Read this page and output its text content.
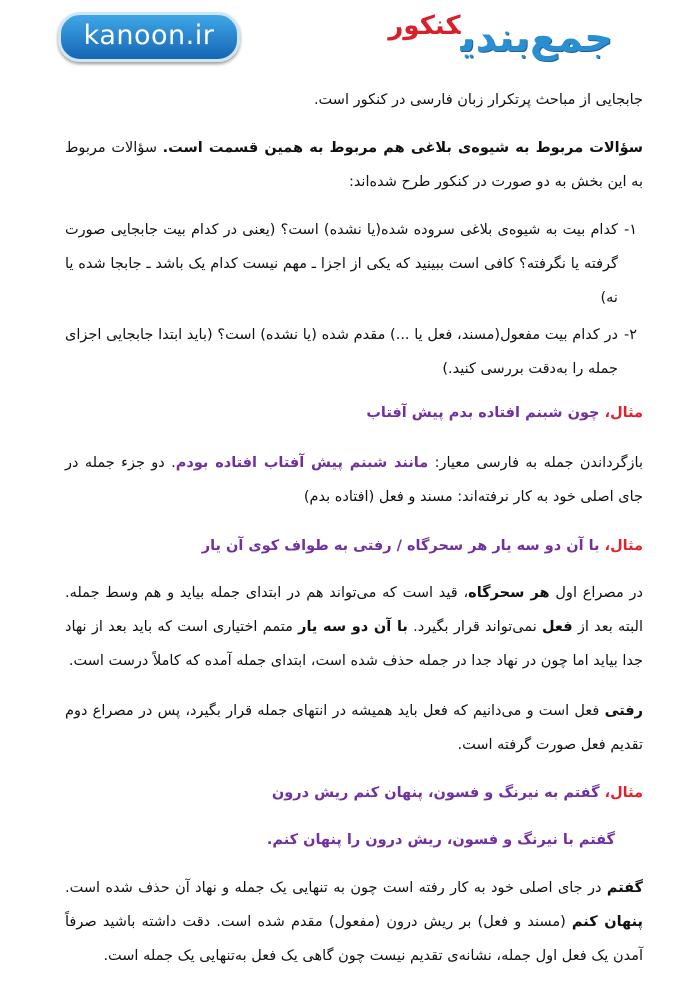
kanoon.ir	جمع‌بندی$^{کنکور}$
جابجایی از مباحث پرتکرار زبان فارسی در کنکور است.
سؤالات مربوط به شیوه‌ی بلاغی هم مربوط به همین قسمت است. سؤالات مربوط به این بخش به دو صورت در کنکور طرح شده‌اند:
۱-
کدام بیت به شیوه‌ی بلاغی سروده شده(یا نشده) است؟ (یعنی در کدام بیت جابجایی صورت گرفته یا نگرفته؟ کافی است ببینید که یکی از اجزا ـ مهم نیست کدام یک باشد ـ جابجا شده یا نه)
۲-
در کدام بیت مفعول(مسند، فعل یا ...) مقدم شده (یا نشده) است؟ (باید ابتدا جابجایی اجزای جمله را به‌دقت بررسی کنید.)
مثال، چون شبنم افتاده بدم پیش آفتاب
بازگرداندن جمله به فارسی معیار: مانند شبنم پیش آفتاب افتاده بودم. دو جزء جمله در جای اصلی خود به کار نرفته‌اند: مسند و فعل (افتاده بدم)
مثال، با آن دو سه یار هر سحرگاه / رفتی به طواف کوی آن یار
در مصراع اول هر سحرگاه، قید است که می‌تواند هم در ابتدای جمله بیاید و هم وسط جمله. البته بعد از فعل نمی‌تواند قرار بگیرد. با آن دو سه یار متمم اختیاری است که باید بعد از نهاد جدا بیاید اما چون در نهاد جدا در جمله حذف شده است، ابتدای جمله آمده که کاملاً درست است.
رفتی فعل است و می‌دانیم که فعل باید همیشه در انتهای جمله قرار بگیرد، پس در مصراع دوم تقدیم فعل صورت گرفته است.
مثال، گفتم به نیرنگ و فسون، پنهان کنم ریش درون
گفتم با نیرنگ و فسون، ریش درون را پنهان کنم.
گفتم در جای اصلی خود به کار رفته است چون به تنهایی یک جمله و نهاد آن حذف شده است. پنهان کنم (مسند و فعل) بر ریش درون (مفعول) مقدم شده است. دقت داشته باشید صرفاً آمدن یک فعل اول جمله، نشانه‌ی تقدیم نیست چون گاهی یک فعل به‌تنهایی یک جمله است.
